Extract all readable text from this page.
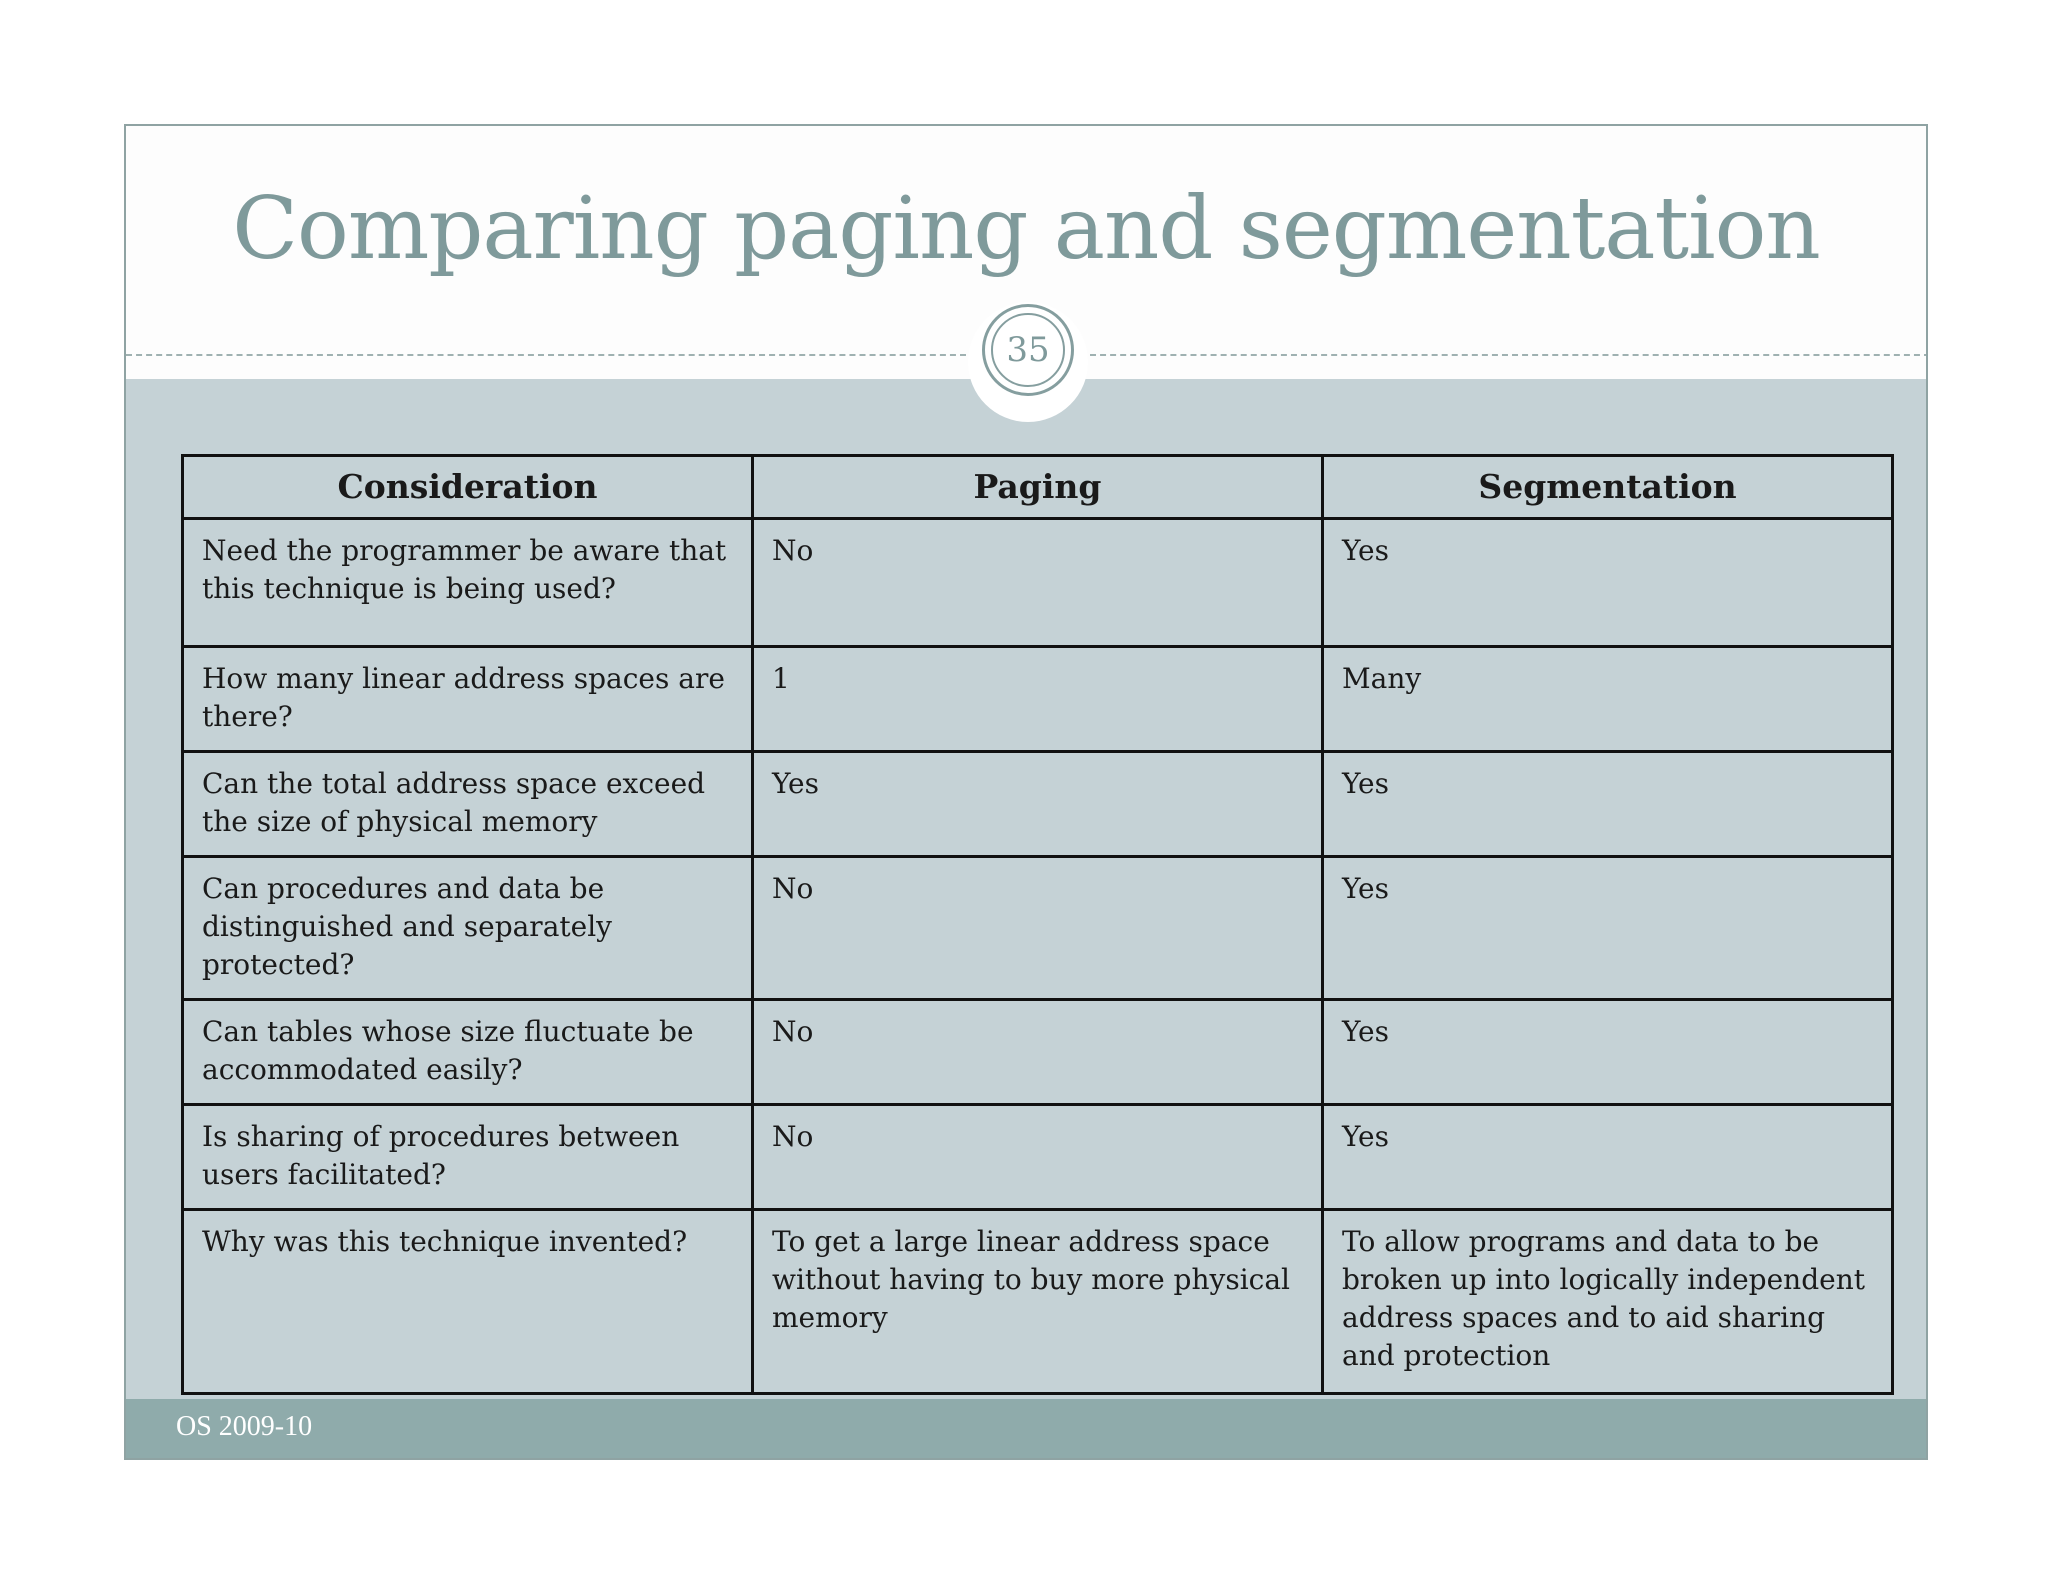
Comparing paging and segmentation
35
OS 2009-10
Consideration	Paging	Segmentation
Need the programmer be aware that this technique is being used?	No	Yes
How many linear address spaces are there?	1	Many
Can the total address space exceed the size of physical memory	Yes	Yes
Can procedures and data be distinguished and separately protected?	No	Yes
Can tables whose size fluctuate be accommodated easily?	No	Yes
Is sharing of procedures between users facilitated?	No	Yes
Why was this technique invented?	To get a large linear address space without having to buy more physical memory	To allow programs and data to be broken up into logically independent address spaces and to aid sharing and protection
